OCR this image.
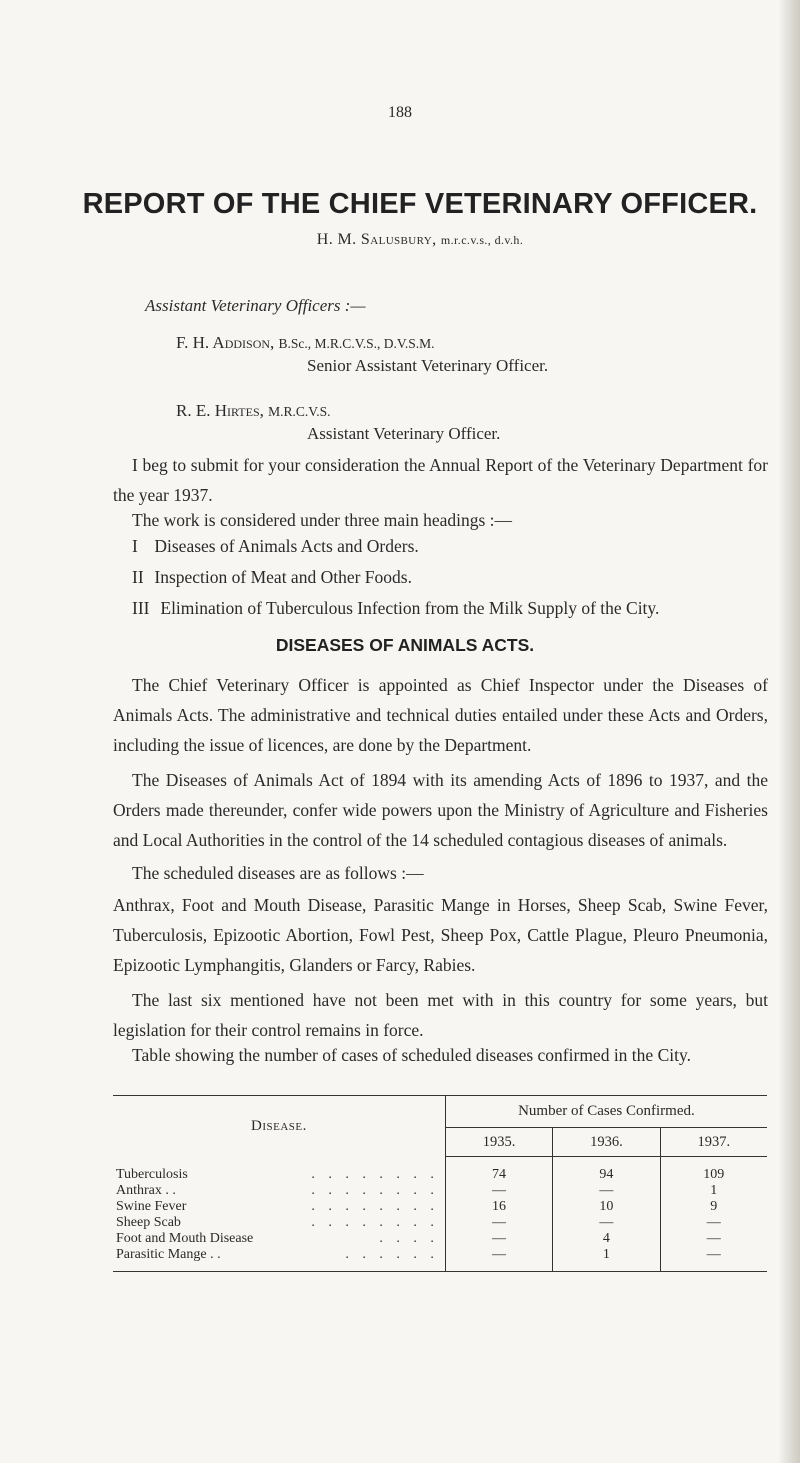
188
REPORT OF THE CHIEF VETERINARY OFFICER.
H. M. Salusbury, m.r.c.v.s., d.v.h.
Assistant Veterinary Officers :—
F. H. Addison, B.Sc., M.R.C.V.S., D.V.S.M.
Senior Assistant Veterinary Officer.
R. E. Hirtes, M.R.C.V.S.
Assistant Veterinary Officer.
I beg to submit for your consideration the Annual Report of the Veterinary Department for the year 1937.
The work is considered under three main headings :—
I Diseases of Animals Acts and Orders.
II Inspection of Meat and Other Foods.
III Elimination of Tuberculous Infection from the Milk Supply of the City.
DISEASES OF ANIMALS ACTS.
The Chief Veterinary Officer is appointed as Chief Inspector under the Diseases of Animals Acts. The administrative and technical duties entailed under these Acts and Orders, including the issue of licences, are done by the Department.
The Diseases of Animals Act of 1894 with its amending Acts of 1896 to 1937, and the Orders made thereunder, confer wide powers upon the Ministry of Agriculture and Fisheries and Local Authorities in the control of the 14 scheduled contagious diseases of animals.
The scheduled diseases are as follows :—
Anthrax, Foot and Mouth Disease, Parasitic Mange in Horses, Sheep Scab, Swine Fever, Tuberculosis, Epizootic Abortion, Fowl Pest, Sheep Pox, Cattle Plague, Pleuro Pneumonia, Epizootic Lymphangitis, Glanders or Farcy, Rabies.
The last six mentioned have not been met with in this country for some years, but legislation for their control remains in force.
Table showing the number of cases of scheduled diseases confirmed in the City.
Disease.	Number of Cases Confirmed.		
	1935.	1936.	1937.
Tuberculosis . . . . . . . .	74	94	109
Anthrax . . . . . . . . . .	—	—	1
Swine Fever . . . . . . . .	16	10	9
Sheep Scab . . . . . . . .	—	—	—
Foot and Mouth Disease . . . .	—	4	—
Parasitic Mange . . . . . . . .	—	1	—
